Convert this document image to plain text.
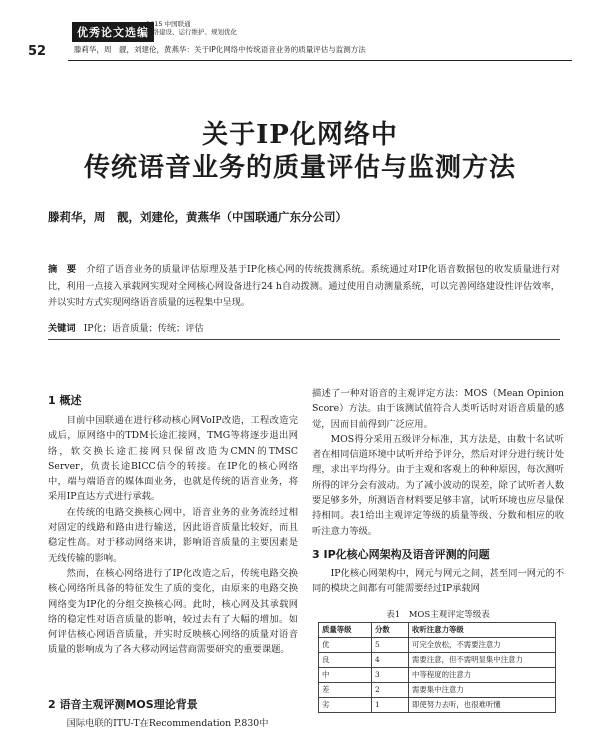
52
优秀论文选编
2015 中国联通
网络建设、运行维护、规划优化
滕莉华，周　靓，刘建伦，黄燕华：关于IP化网络中传统语音业务的质量评估与监测方法
关于IP化网络中
传统语音业务的质量评估与监测方法
滕莉华，周　靓，刘建伦，黄燕华（中国联通广东分公司）
摘　要 介绍了语音业务的质量评估原理及基于IP化核心网的传统拨测系统。系统通过对IP化语音数据包的收发质量进行对比，利用一点接入承载网实现对全网核心网设备进行24 h自动拨测。通过使用自动测量系统，可以完善网络建设性评估效率，并以实时方式实现网络语音质量的远程集中呈现。
关键词 IP化；语音质量；传统；评估
1 概述

目前中国联通在进行移动核心网VoIP改造，工程改造完成后，原网络中的TDM长途汇接网，TMG等将逐步退出网络，软交换长途汇接网只保留改造为CMN的TMSC Server，负责长途BICC信令的转接。在IP化的核心网络中，端与端语音的媒体面业务，也就是传统的语音业务，将采用IP直达方式进行承载。

在传统的电路交换核心网中，语音业务的业务流经过相对固定的线路和路由进行输送，因此语音质量比较好，而且稳定性高。对于移动网络来讲，影响语音质量的主要因素是无线传输的影响。

然而，在核心网络进行了IP化改造之后，传统电路交换核心网络所具备的特征发生了质的变化，由原来的电路交换网络变为IP化的分组交换核心网。此时，核心网及其承载网络的稳定性对语音质量的影响，较过去有了大幅的增加。如何评估核心网语音质量，并实时反映核心网络的质量对语音质量的影响成为了各大移动网运营商需要研究的重要课题。

2 语音主观评测MOS理论背景

国际电联的ITU-T在Recommendation P.830中

描述了一种对语音的主观评定方法：MOS（Mean Opinion Score）方法。由于该测试值符合人类听话时对语音质量的感觉，因而目前得到广泛应用。

MOS得分采用五级评分标准，其方法是，由数十名试听者在相同信道环境中试听并给予评分，然后对评分进行统计处理，求出平均得分。由于主观和客观上的种种原因，每次测听所得的评分会有波动。为了减小波动的误差，除了试听者人数要足够多外，所测语音材料要足够丰富，试听环境也应尽量保持相同。表1给出主观评定等级的质量等级、分数和相应的收听注意力等级。

3 IP化核心网架构及语音评测的问题

IP化核心网架构中，网元与网元之间，甚至同一网元的不同的模块之间都有可能需要经过IP承载网

表1　MOS主观评定等级表
质量等级	分数	收听注意力等级
优	5	可完全放松，不需要注意力
良	4	需要注意，但不需明显集中注意力
中	3	中等程度的注意力
差	2	需要集中注意力
劣	1	即使努力去听，也很难听懂
